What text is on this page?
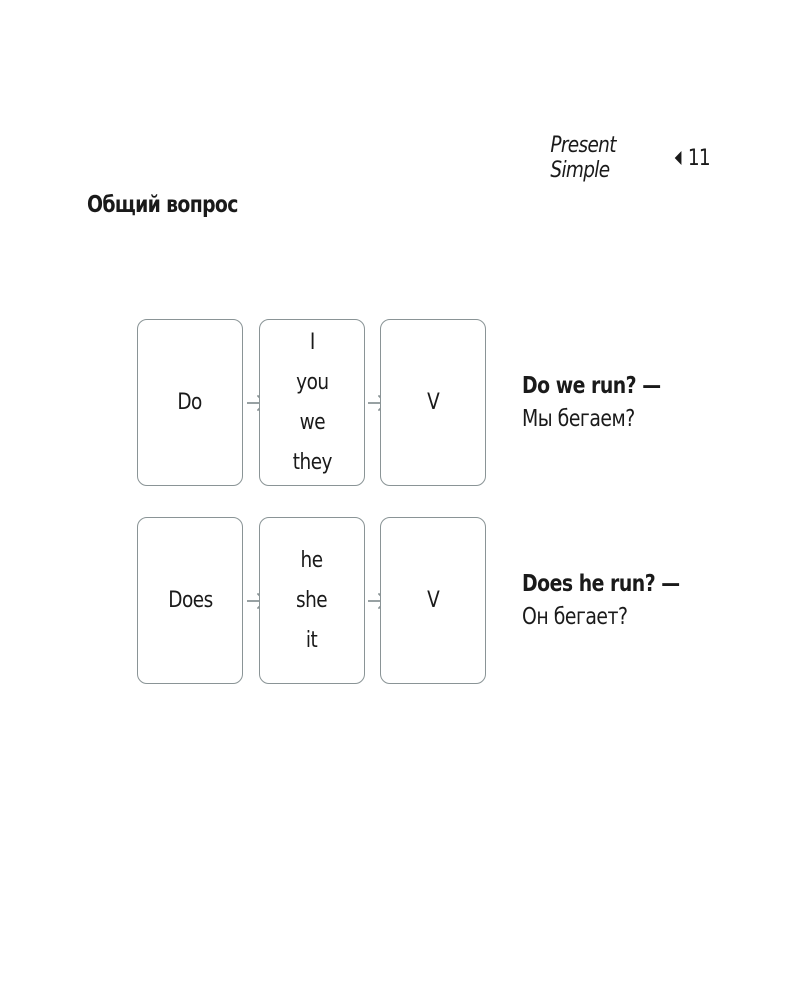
Present Simple	11
Общий вопрос
Do
I
you
we
they
V
Do we run? —
Мы бегаем?
Does
he
she
it
V
Does he run? —
Он бегает?
